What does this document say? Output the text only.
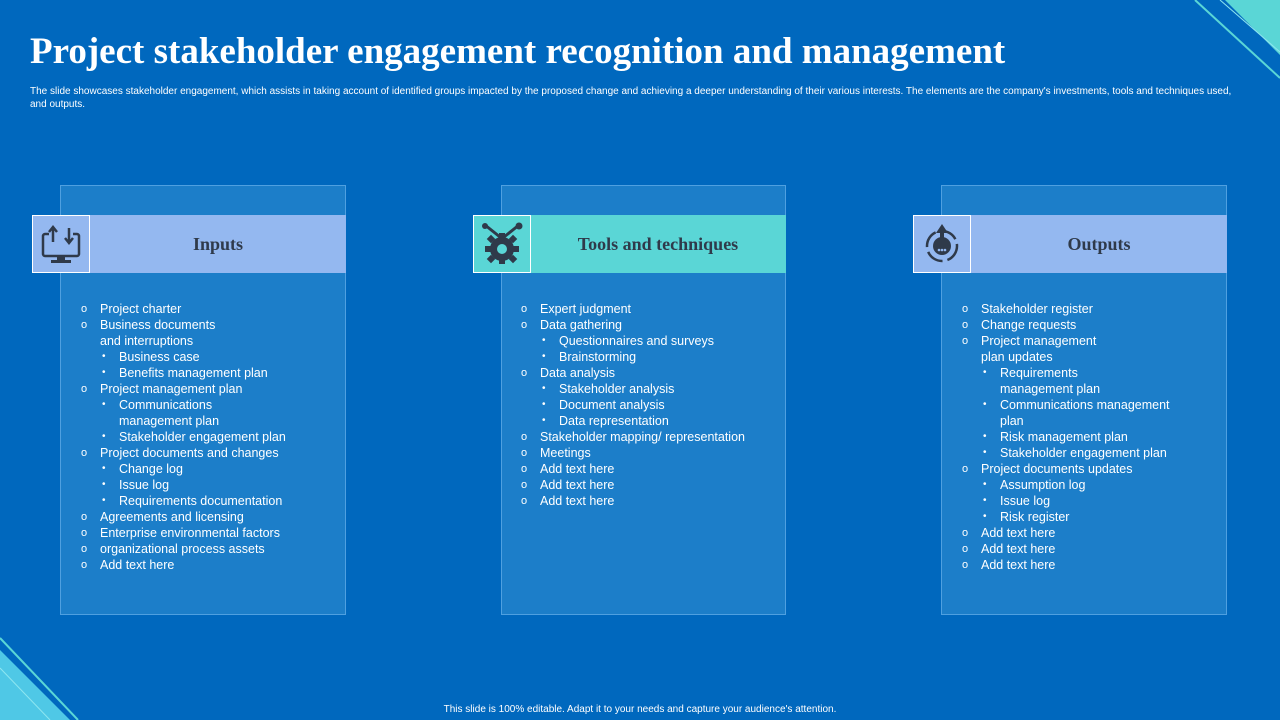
Project stakeholder engagement recognition and management

The slide showcases stakeholder engagement, which assists in taking account of identified groups impacted by the proposed change and achieving a deeper understanding of their various interests. The elements are the company's investments, tools and techniques used, and outputs.

Inputs
o Project charter
o Business documents
and interruptions
• Business case
• Benefits management plan
o Project management plan
• Communications
management plan
• Stakeholder engagement plan
o Project documents and changes
• Change log
• Issue log
• Requirements documentation
o Agreements and licensing
o Enterprise environmental factors
o organizational process assets
o Add text here
Tools and techniques
o Expert judgment
o Data gathering
• Questionnaires and surveys
• Brainstorming
o Data analysis
• Stakeholder analysis
• Document analysis
• Data representation
o Stakeholder mapping/ representation
o Meetings
o Add text here
o Add text here
o Add text here
Outputs
o Stakeholder register
o Change requests
o Project management
plan updates
• Requirements
management plan
• Communications management
plan
• Risk management plan
• Stakeholder engagement plan
o Project documents updates
• Assumption log
• Issue log
• Risk register
o Add text here
o Add text here
o Add text here
This slide is 100% editable. Adapt it to your needs and capture your audience's attention.
